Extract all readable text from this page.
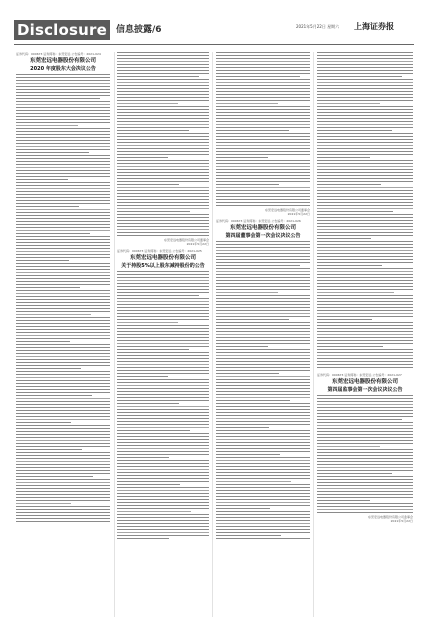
Disclosure 信息披露/6	2021年5月22日 星期六 上海证券报
证券代码：000673 证券简称：东莞宏远 公告编号：2021-024
东莞宏远电器股份有限公司
2020 年度股东大会决议公告
东莞宏远电器股份有限公司董事会
2021年5月22日
证券代码：000673 证券简称：东莞宏远 公告编号：2021-025
东莞宏远电器股份有限公司
关于持股5%以上股东减持股份的公告
东莞宏远电器股份有限公司董事会
2021年5月22日
证券代码：000673 证券简称：东莞宏远 公告编号：2021-026
东莞宏远电器股份有限公司
第四届董事会第一次会议决议公告
证券代码：000673 证券简称：东莞宏远 公告编号：2021-027
东莞宏远电器股份有限公司
第四届监事会第一次会议决议公告
东莞宏远电器股份有限公司监事会
2021年5月22日
